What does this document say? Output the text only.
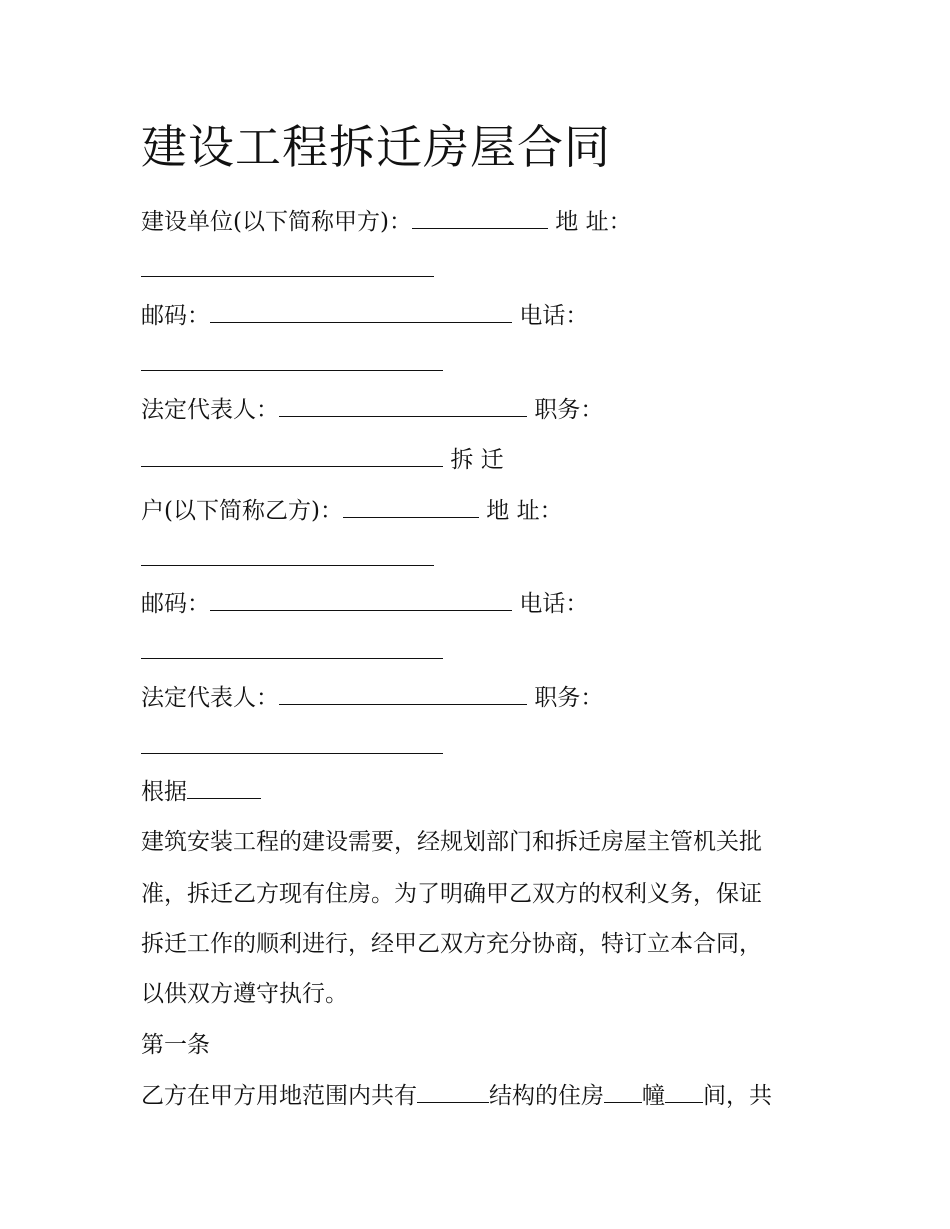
建设工程拆迁房屋合同
建设单位(以下简称甲方)：	地 址：
邮码：	电话：
法定代表人：	职务：
拆 迁
户(以下简称乙方)：	地 址：
邮码：	电话：
法定代表人：	职务：
根据
建筑安装工程的建设需要，经规划部门和拆迁房屋主管机关批
准，拆迁乙方现有住房。为了明确甲乙双方的权利义务，保证
拆迁工作的顺利进行，经甲乙双方充分协商，特订立本合同，
以供双方遵守执行。
第一条
乙方在甲方用地范围内共有	结构的住房 幢 间，共
